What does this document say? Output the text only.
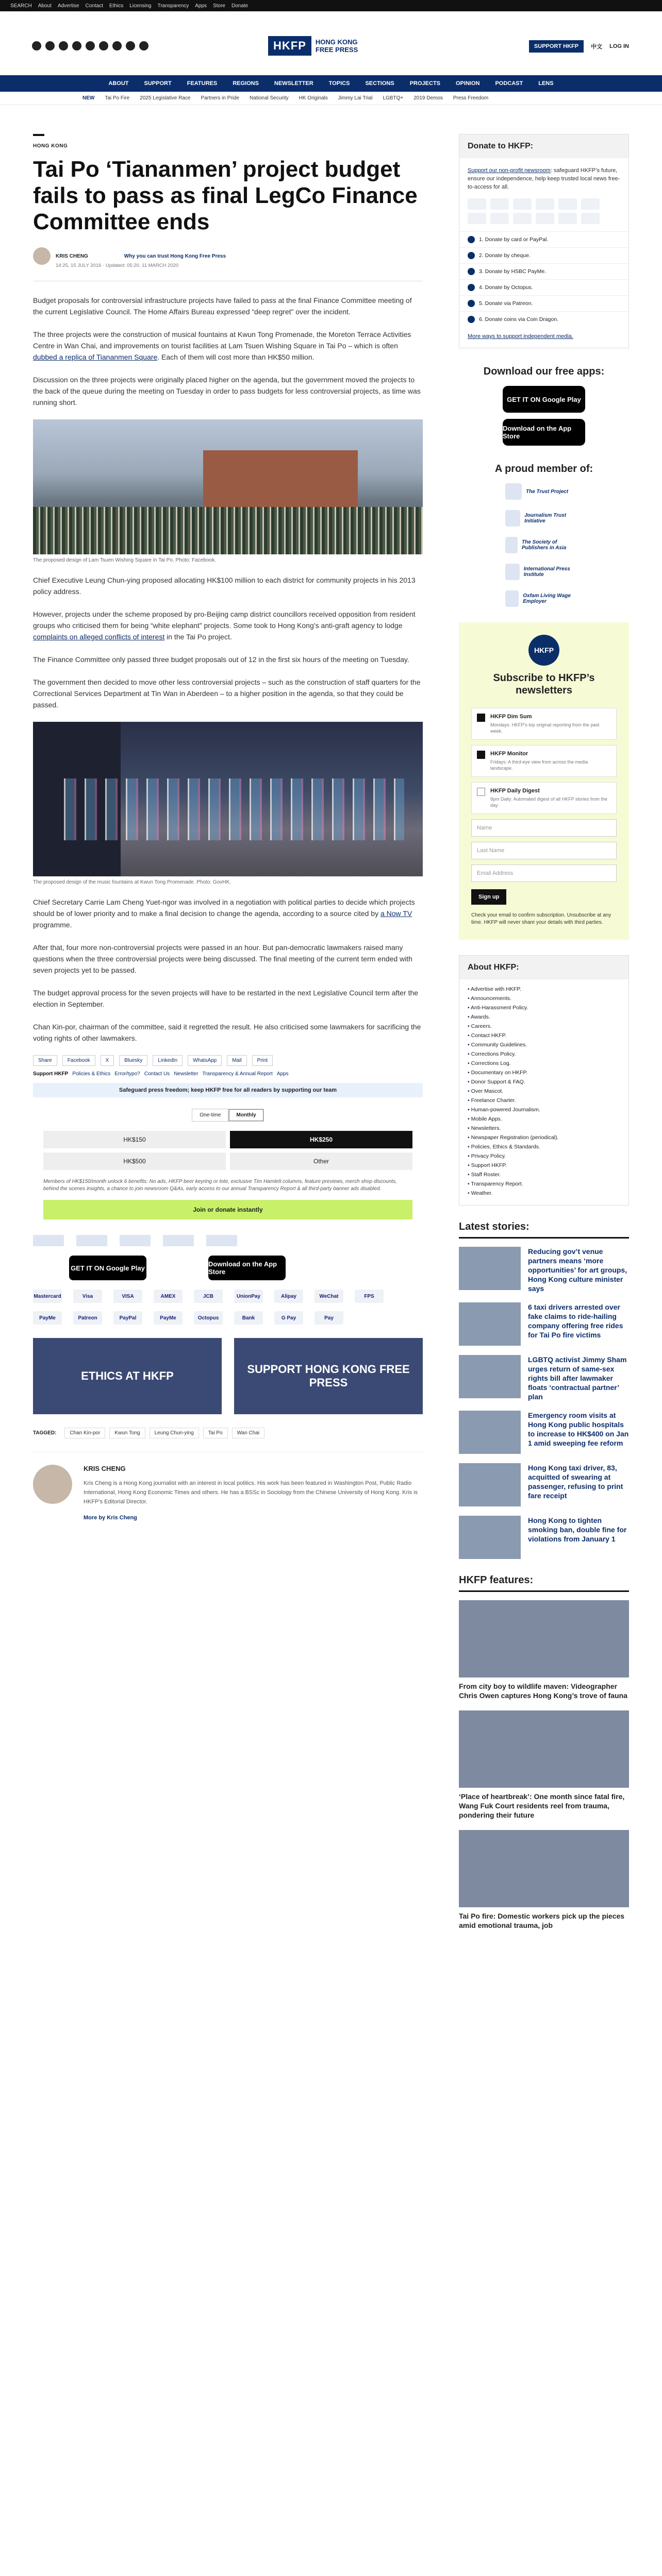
SEARCH About Advertise Contact Ethics Licensing Transparency Apps Store Donate
HKFP	HONG KONG
FREE PRESS	SUPPORT HKFP	中文 LOG IN
ABOUT	SUPPORT	FEATURES	REGIONS	NEWSLETTER	TOPICS	SECTIONS	PROJECTS	OPINION	PODCAST	LENS
NEW Tai Po Fire 2025 Legislative Race Partners in Pride National Security HK Originals Jimmy Lai Trial LGBTQ+ 2019 Demos Press Freedom
HONG KONG
Tai Po ‘Tiananmen’ project budget fails to pass as final LegCo Finance Committee ends
KRIS CHENG	Why you can trust Hong Kong Free Press
14:25, 15 JULY 2016 · Updated: 05:20, 11 MARCH 2020

Budget proposals for controversial infrastructure projects have failed to pass at the final Finance Committee meeting of the current Legislative Council. The Home Affairs Bureau expressed “deep regret” over the incident.

The three projects were the construction of musical fountains at Kwun Tong Promenade, the Moreton Terrace Activities Centre in Wan Chai, and improvements on tourist facilities at Lam Tsuen Wishing Square in Tai Po – which is often dubbed a replica of Tiananmen Square. Each of them will cost more than HK$50 million.

Discussion on the three projects were originally placed higher on the agenda, but the government moved the projects to the back of the queue during the meeting on Tuesday in order to pass budgets for less controversial projects, as time was running short.

The proposed design of Lam Tsuen Wishing Square in Tai Po. Photo: Facebook.

Chief Executive Leung Chun-ying proposed allocating HK$100 million to each district for community projects in his 2013 policy address.

However, projects under the scheme proposed by pro-Beijing camp district councillors received opposition from resident groups who criticised them for being “white elephant” projects. Some took to Hong Kong’s anti-graft agency to lodge complaints on alleged conflicts of interest in the Tai Po project.

The Finance Committee only passed three budget proposals out of 12 in the first six hours of the meeting on Tuesday.

The government then decided to move other less controversial projects – such as the construction of staff quarters for the Correctional Services Department at Tin Wan in Aberdeen – to a higher position in the agenda, so that they could be passed.

The proposed design of the music fountains at Kwun Tong Promenade. Photo: GovHK.

Chief Secretary Carrie Lam Cheng Yuet-ngor was involved in a negotiation with political parties to decide which projects should be of lower priority and to make a final decision to change the agenda, according to a source cited by a Now TV programme.

After that, four more non-controversial projects were passed in an hour. But pan-democratic lawmakers raised many questions when the three controversial projects were being discussed. The final meeting of the current term ended with seven projects yet to be passed.

The budget approval process for the seven projects will have to be restarted in the next Legislative Council term after the election in September.

Chan Kin-por, chairman of the committee, said it regretted the result. He also criticised some lawmakers for sacrificing the voting rights of other lawmakers.

Share	Facebook	X	Bluesky	LinkedIn	WhatsApp	Mail	Print
Support HKFP Policies & Ethics Error/typo? Contact Us Newsletter Transparency & Annual Report Apps
Safeguard press freedom; keep HKFP free for all readers by supporting our team
One-time	Monthly
HK$150	HK$250
HK$500	Other
Members of HK$150/month unlock 6 benefits: No ads, HKFP beer keyring or tote, exclusive Tim Hamlett columns, feature previews, merch shop discounts, behind the scenes insights, a chance to join newsroom Q&As, early access to our annual Transparency Report & all third-party banner ads disabled.
Join or donate instantly
GET IT ON Google Play	Download on the App Store
Mastercard	Visa	VISA	AMEX	JCB	UnionPay	Alipay	WeChat	FPS
PayMe	Patreon	PayPal	PayMe	Octopus	Bank	G Pay	Pay
ETHICS AT HKFP
SUPPORT HONG KONG FREE PRESS
TAGGED:	Chan Kin-por	Kwun Tong	Leung Chun-ying	Tai Po	Wan Chai
KRIS CHENG

Kris Cheng is a Hong Kong journalist with an interest in local politics. His work has been featured in Washington Post, Public Radio International, Hong Kong Economic Times and others. He has a BSSc in Sociology from the Chinese University of Hong Kong. Kris is HKFP’s Editorial Director.

More by Kris Cheng
Donate to HKFP:

Support our non-profit newsroom: safeguard HKFP’s future, ensure our independence, help keep trusted local news free-to-access for all.

1. Donate by card or PayPal.
2. Donate by cheque.
3. Donate by HSBC PayMe.
4. Donate by Octopus.
5. Donate via Patreon.
6. Donate coins via Coin Dragon.
More ways to support independent media.
Download our free apps:
GET IT ON Google Play
Download on the App Store
A proud member of:
The Trust Project
Journalism Trust Initiative
The Society of Publishers in Asia
International Press Institute
Oxfam Living Wage Employer
HKFP
Subscribe to HKFP’s newsletters
HKFP Dim Sum
Mondays: HKFP’s top original reporting from the past week.
HKFP Monitor
Fridays: A third-eye view from across the media landscape.
HKFP Daily Digest
9pm Daily: Automated digest of all HKFP stories from the day.
Name
Last Name
Email Address
Sign up
Check your email to confirm subscription. Unsubscribe at any time. HKFP will never share your details with third parties.
About HKFP:
• Advertise with HKFP.
• Announcements.
• Anti-Harassment Policy.
• Awards.
• Careers.
• Contact HKFP.
• Community Guidelines.
• Corrections Policy.
• Corrections Log.
• Documentary on HKFP.
• Donor Support & FAQ.
• Over Mascot.
• Freelance Charter.
• Human-powered Journalism.
• Mobile Apps.
• Newsletters.
• Newspaper Registration (periodical).
• Policies, Ethics & Standards.
• Privacy Policy.
• Support HKFP.
• Staff Roster.
• Transparency Report.
• Weather.
Latest stories:
Reducing gov’t venue partners means ‘more opportunities’ for art groups, Hong Kong culture minister says
6 taxi drivers arrested over fake claims to ride-hailing company offering free rides for Tai Po fire victims
LGBTQ activist Jimmy Sham urges return of same-sex rights bill after lawmaker floats ‘contractual partner’ plan
Emergency room visits at Hong Kong public hospitals to increase to HK$400 on Jan 1 amid sweeping fee reform
Hong Kong taxi driver, 83, acquitted of swearing at passenger, refusing to print fare receipt
Hong Kong to tighten smoking ban, double fine for violations from January 1
HKFP features:
From city boy to wildlife maven: Videographer Chris Owen captures Hong Kong’s trove of fauna
‘Place of heartbreak’: One month since fatal fire, Wang Fuk Court residents reel from trauma, pondering their future
Tai Po fire: Domestic workers pick up the pieces amid emotional trauma, job
